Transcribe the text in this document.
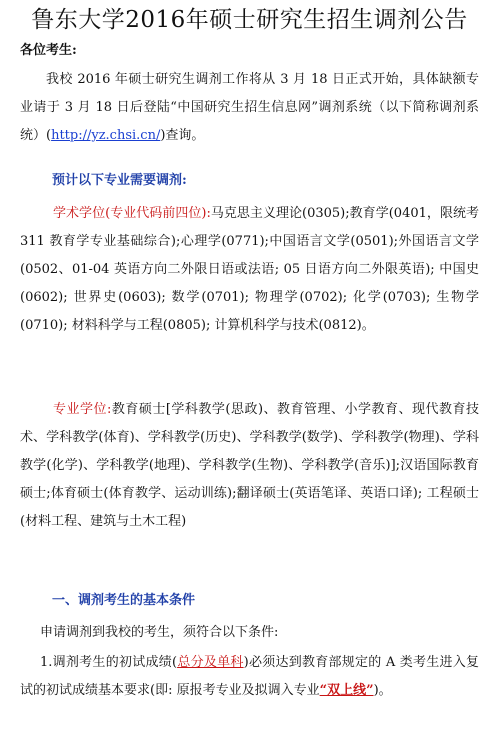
鲁东大学2016年硕士研究生招生调剂公告
各位考生:
我校 2016 年硕士研究生调剂工作将从 3 月 18 日正式开始，具体缺额专业请于 3 月 18 日后登陆“中国研究生招生信息网”调剂系统（以下简称调剂系统）(http://yz.chsi.cn/)查询。
预计以下专业需要调剂:
学术学位(专业代码前四位):马克思主义理论(0305);教育学(0401，限统考 311 教育学专业基础综合);心理学(0771);中国语言文学(0501);外国语言文学(0502、01-04 英语方向二外限日语或法语; 05 日语方向二外限英语); 中国史(0602); 世界史(0603); 数学(0701); 物理学(0702); 化学(0703); 生物学(0710); 材料科学与工程(0805); 计算机科学与技术(0812)。
专业学位:教育硕士[学科教学(思政)、教育管理、小学教育、现代教育技术、学科教学(体育)、学科教学(历史)、学科教学(数学)、学科教学(物理)、学科教学(化学)、学科教学(地理)、学科教学(生物)、学科教学(音乐)];汉语国际教育硕士;体育硕士(体育教学、运动训练);翻译硕士(英语笔译、英语口译); 工程硕士(材料工程、建筑与土木工程)
一、调剂考生的基本条件
申请调剂到我校的考生，须符合以下条件:
1.调剂考生的初试成绩(总分及单科)必须达到教育部规定的 A 类考生进入复试的初试成绩基本要求(即: 原报考专业及拟调入专业“双上线”)。
